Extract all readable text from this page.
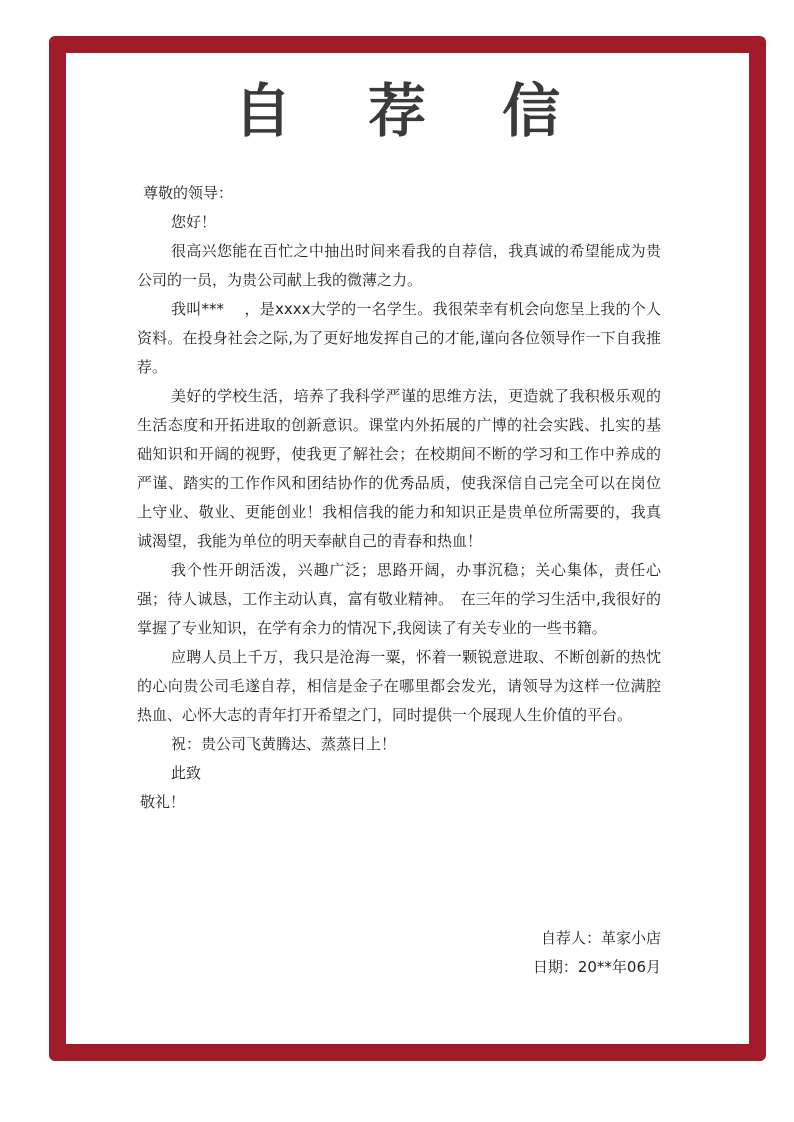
自 荐 信

尊敬的领导：

您好！

很高兴您能在百忙之中抽出时间来看我的自荐信，我真诚的希望能成为贵公司的一员，为贵公司献上我的微薄之力。

我叫***　 ，是xxxx大学的一名学生。我很荣幸有机会向您呈上我的个人资料。在投身社会之际,为了更好地发挥自己的才能,谨向各位领导作一下自我推荐。

美好的学校生活，培养了我科学严谨的思维方法，更造就了我积极乐观的生活态度和开拓进取的创新意识。课堂内外拓展的广博的社会实践、扎实的基础知识和开阔的视野，使我更了解社会；在校期间不断的学习和工作中养成的严谨、踏实的工作作风和团结协作的优秀品质，使我深信自己完全可以在岗位上守业、敬业、更能创业！我相信我的能力和知识正是贵单位所需要的，我真诚渴望，我能为单位的明天奉献自己的青春和热血！

我个性开朗活泼，兴趣广泛；思路开阔，办事沉稳；关心集体，责任心强；待人诚恳，工作主动认真，富有敬业精神。　在三年的学习生活中,我很好的掌握了专业知识，在学有余力的情况下,我阅读了有关专业的一些书籍。

应聘人员上千万，我只是沧海一粟，怀着一颗锐意进取、不断创新的热忱的心向贵公司毛遂自荐，相信是金子在哪里都会发光，请领导为这样一位满腔热血、心怀大志的青年打开希望之门，同时提供一个展现人生价值的平台。

祝：贵公司飞黄腾达、蒸蒸日上！

此致

敬礼！

自荐人：革家小店
日期：20**年06月
